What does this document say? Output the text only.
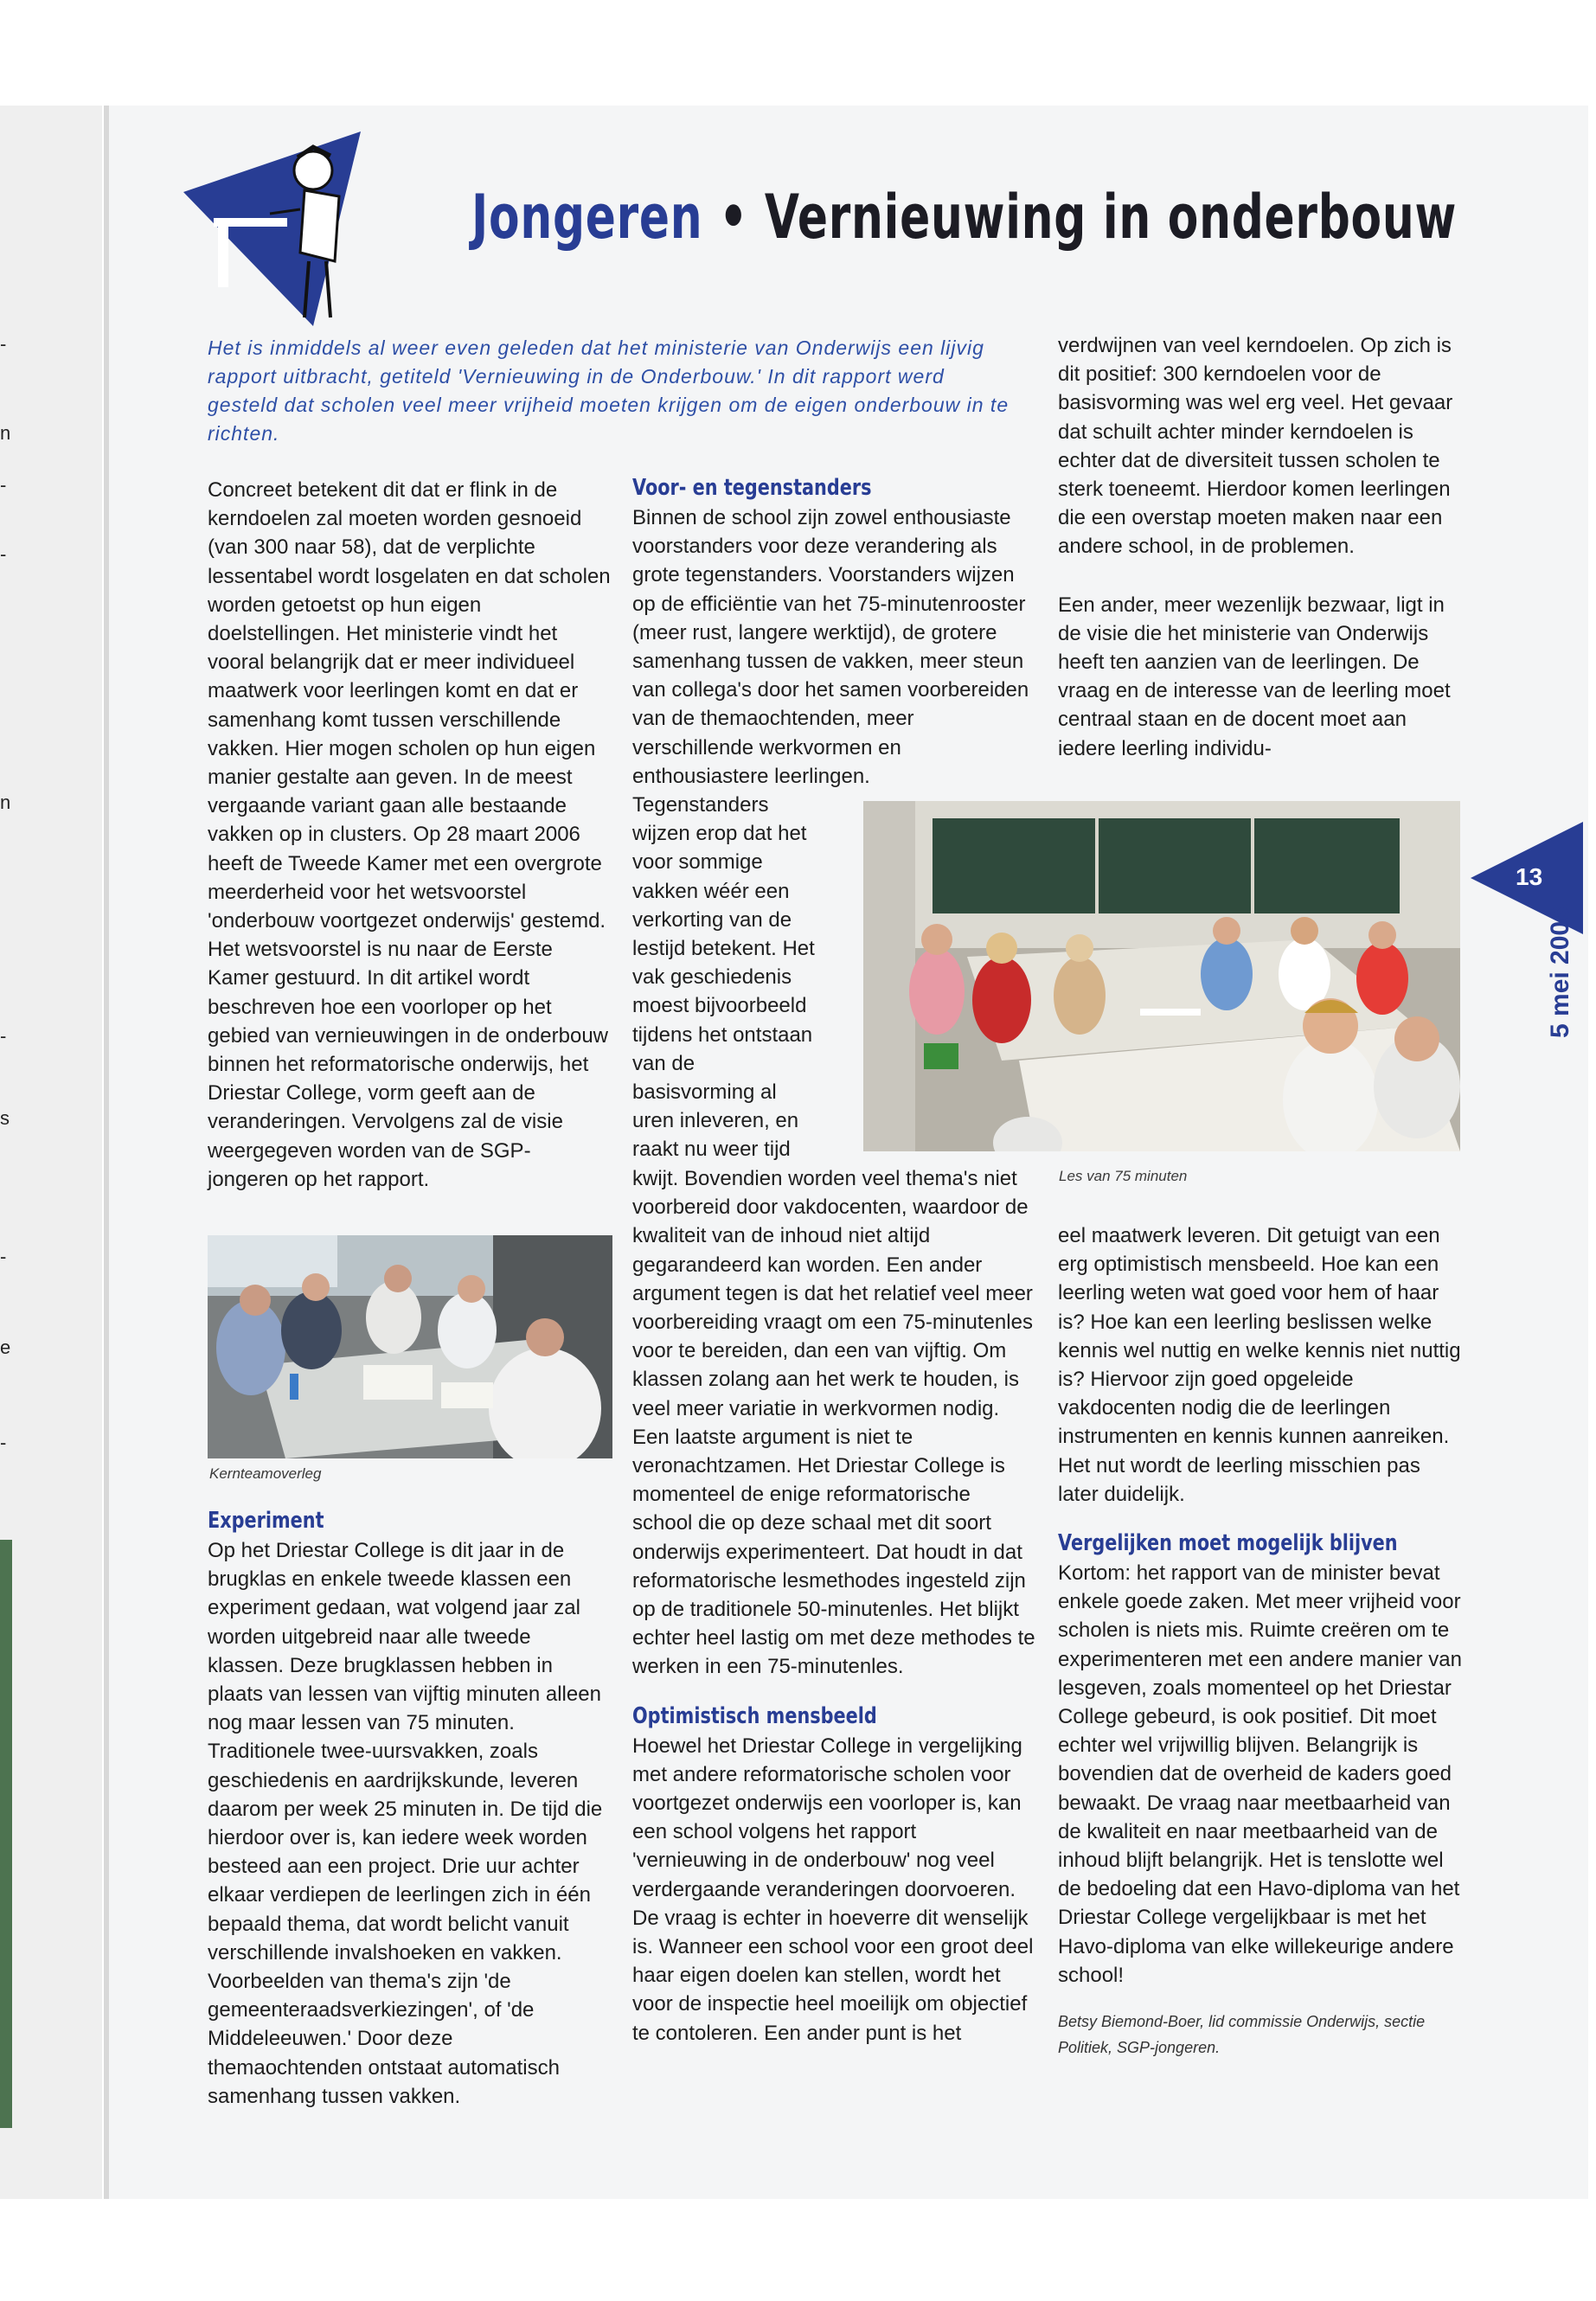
-

n

-

-

n

-

s

-

e

-

Jongeren • Vernieuwing in onderbouw

Het is inmiddels al weer even geleden dat het ministerie van Onderwijs een lijvig rapport uitbracht, getiteld 'Vernieuwing in de Onderbouw.' In dit rapport werd gesteld dat scholen veel meer vrijheid moeten krijgen om de eigen onderbouw in te richten.

Concreet betekent dit dat er flink in de kerndoelen zal moeten worden gesnoeid (van 300 naar 58), dat de verplichte lessentabel wordt losgelaten en dat scholen worden getoetst op hun eigen doelstellingen. Het ministerie vindt het vooral belangrijk dat er meer individueel maatwerk voor leerlingen komt en dat er samenhang komt tussen verschillende vakken. Hier mogen scholen op hun eigen manier gestalte aan geven. In de meest vergaande variant gaan alle bestaande vakken op in clusters. Op 28 maart 2006 heeft de Tweede Kamer met een overgrote meerderheid voor het wetsvoorstel 'onderbouw voortgezet onderwijs' gestemd. Het wetsvoorstel is nu naar de Eerste Kamer gestuurd. In dit artikel wordt beschreven hoe een voorloper op het gebied van vernieuwingen in de onderbouw binnen het reformatorische onderwijs, het Driestar College, vorm geeft aan de veranderingen. Vervolgens zal de visie weergegeven worden van de SGP-jongeren op het rapport.

Kernteamoverleg

Experiment

Op het Driestar College is dit jaar in de brugklas en enkele tweede klassen een experiment gedaan, wat volgend jaar zal worden uitgebreid naar alle tweede klassen. Deze brugklassen hebben in plaats van lessen van vijftig minuten alleen nog maar lessen van 75 minuten. Traditionele twee-uursvakken, zoals geschiedenis en aardrijkskunde, leveren daarom per week 25 minuten in. De tijd die hierdoor over is, kan iedere week worden besteed aan een project. Drie uur achter elkaar verdiepen de leerlingen zich in één bepaald thema, dat wordt belicht vanuit verschillende invalshoeken en vakken. Voorbeelden van thema's zijn 'de gemeenteraadsverkiezingen', of 'de Middeleeuwen.' Door deze themaochtenden ontstaat automatisch samenhang tussen vakken.

Voor- en tegenstanders

Binnen de school zijn zowel enthousiaste voorstanders voor deze verandering als grote tegenstanders. Voorstanders wijzen op de efficiëntie van het 75-minutenrooster (meer rust, langere werktijd), de grotere samenhang tussen de vakken, meer steun van collega's door het samen voorbereiden van de themaochtenden, meer verschillende werkvormen en enthousiastere leerlingen.

Tegenstanders wijzen erop dat het voor sommige vakken wéér een verkorting van de lestijd betekent. Het vak geschiedenis moest bijvoorbeeld tijdens het ontstaan van de basisvorming al uren inleveren, en raakt nu weer tijd

kwijt. Bovendien worden veel thema's niet voorbereid door vakdocenten, waardoor de kwaliteit van de inhoud niet altijd gegarandeerd kan worden. Een ander argument tegen is dat het relatief veel meer voorbereiding vraagt om een 75-minutenles voor te bereiden, dan een van vijftig. Om klassen zolang aan het werk te houden, is veel meer variatie in werkvormen nodig. Een laatste argument is niet te veronachtzamen. Het Driestar College is momenteel de enige reformatorische school die op deze schaal met dit soort onderwijs experimenteert. Dat houdt in dat reformatorische lesmethodes ingesteld zijn op de traditionele 50-minutenles. Het blijkt echter heel lastig om met deze methodes te werken in een 75-minutenles.

Optimistisch mensbeeld

Hoewel het Driestar College in vergelijking met andere reformatorische scholen voor voortgezet onderwijs een voorloper is, kan een school volgens het rapport 'vernieuwing in de onderbouw' nog veel verdergaande veranderingen doorvoeren. De vraag is echter in hoeverre dit wenselijk is. Wanneer een school voor een groot deel haar eigen doelen kan stellen, wordt het voor de inspectie heel moeilijk om objectief te contoleren. Een ander punt is het

verdwijnen van veel kerndoelen. Op zich is dit positief: 300 kerndoelen voor de basisvorming was wel erg veel. Het gevaar dat schuilt achter minder kerndoelen is echter dat de diversiteit tussen scholen te sterk toeneemt. Hierdoor komen leerlingen die een overstap moeten maken naar een andere school, in de problemen.

Een ander, meer wezenlijk bezwaar, ligt in de visie die het ministerie van Onderwijs heeft ten aanzien van de leerlingen. De vraag en de interesse van de leerling moet centraal staan en de docent moet aan iedere leerling individu-

Les van 75 minuten

eel maatwerk leveren. Dit getuigt van een erg optimistisch mensbeeld. Hoe kan een leerling weten wat goed voor hem of haar is? Hoe kan een leerling beslissen welke kennis wel nuttig en welke kennis niet nuttig is? Hiervoor zijn goed opgeleide vakdocenten nodig die de leerlingen instrumenten en kennis kunnen aanreiken. Het nut wordt de leerling misschien pas later duidelijk.

Vergelijken moet mogelijk blijven

Kortom: het rapport van de minister bevat enkele goede zaken. Met meer vrijheid voor scholen is niets mis. Ruimte creëren om te experimenteren met een andere manier van lesgeven, zoals momenteel op het Driestar College gebeurd, is ook positief. Dit moet echter wel vrijwillig blijven. Belangrijk is bovendien dat de overheid de kaders goed bewaakt. De vraag naar meetbaarheid van de kwaliteit en naar meetbaarheid van de inhoud blijft belangrijk. Het is tenslotte wel de bedoeling dat een Havo-diploma van het Driestar College vergelijkbaar is met het Havo-diploma van elke willekeurige andere school!

Betsy Biemond-Boer, lid commissie Onderwijs, sectie Politiek, SGP-jongeren.

13

5 mei 2006
